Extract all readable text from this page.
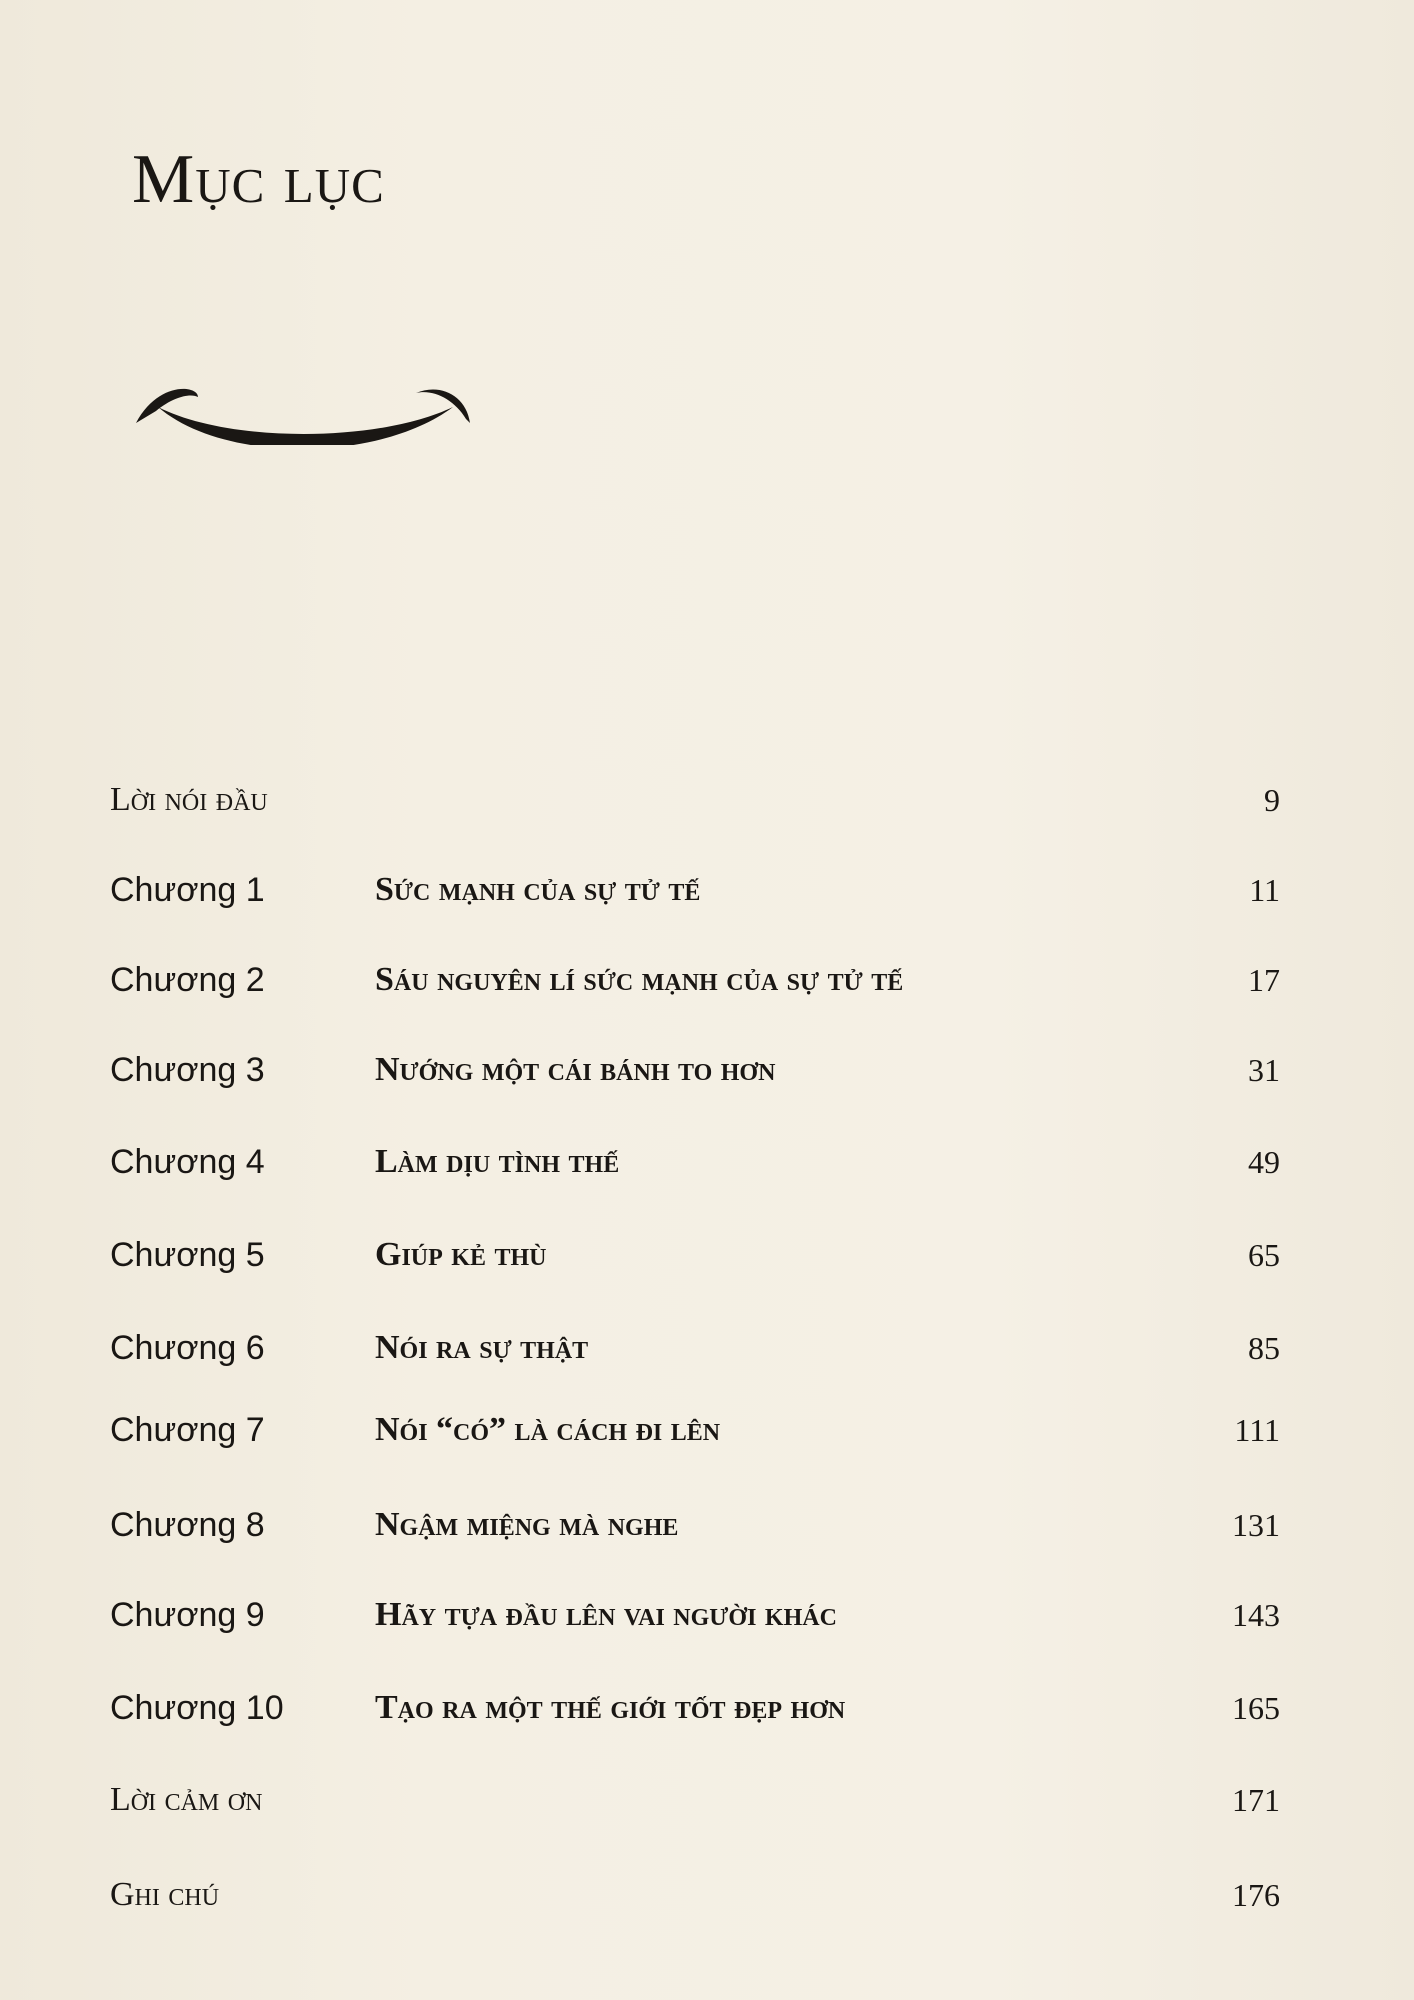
Mục lục
Lời nói đầu	9
Chương 1	Sức mạnh của sự tử tế	11
Chương 2	Sáu nguyên lí sức mạnh của sự tử tế	17
Chương 3	Nướng một cái bánh to hơn	31
Chương 4	Làm dịu tình thế	49
Chương 5	Giúp kẻ thù	65
Chương 6	Nói ra sự thật	85
Chương 7	Nói “có” là cách đi lên	111
Chương 8	Ngậm miệng mà nghe	131
Chương 9	Hãy tựa đầu lên vai người khác	143
Chương 10	Tạo ra một thế giới tốt đẹp hơn	165
Lời cảm ơn	171
Ghi chú	176
